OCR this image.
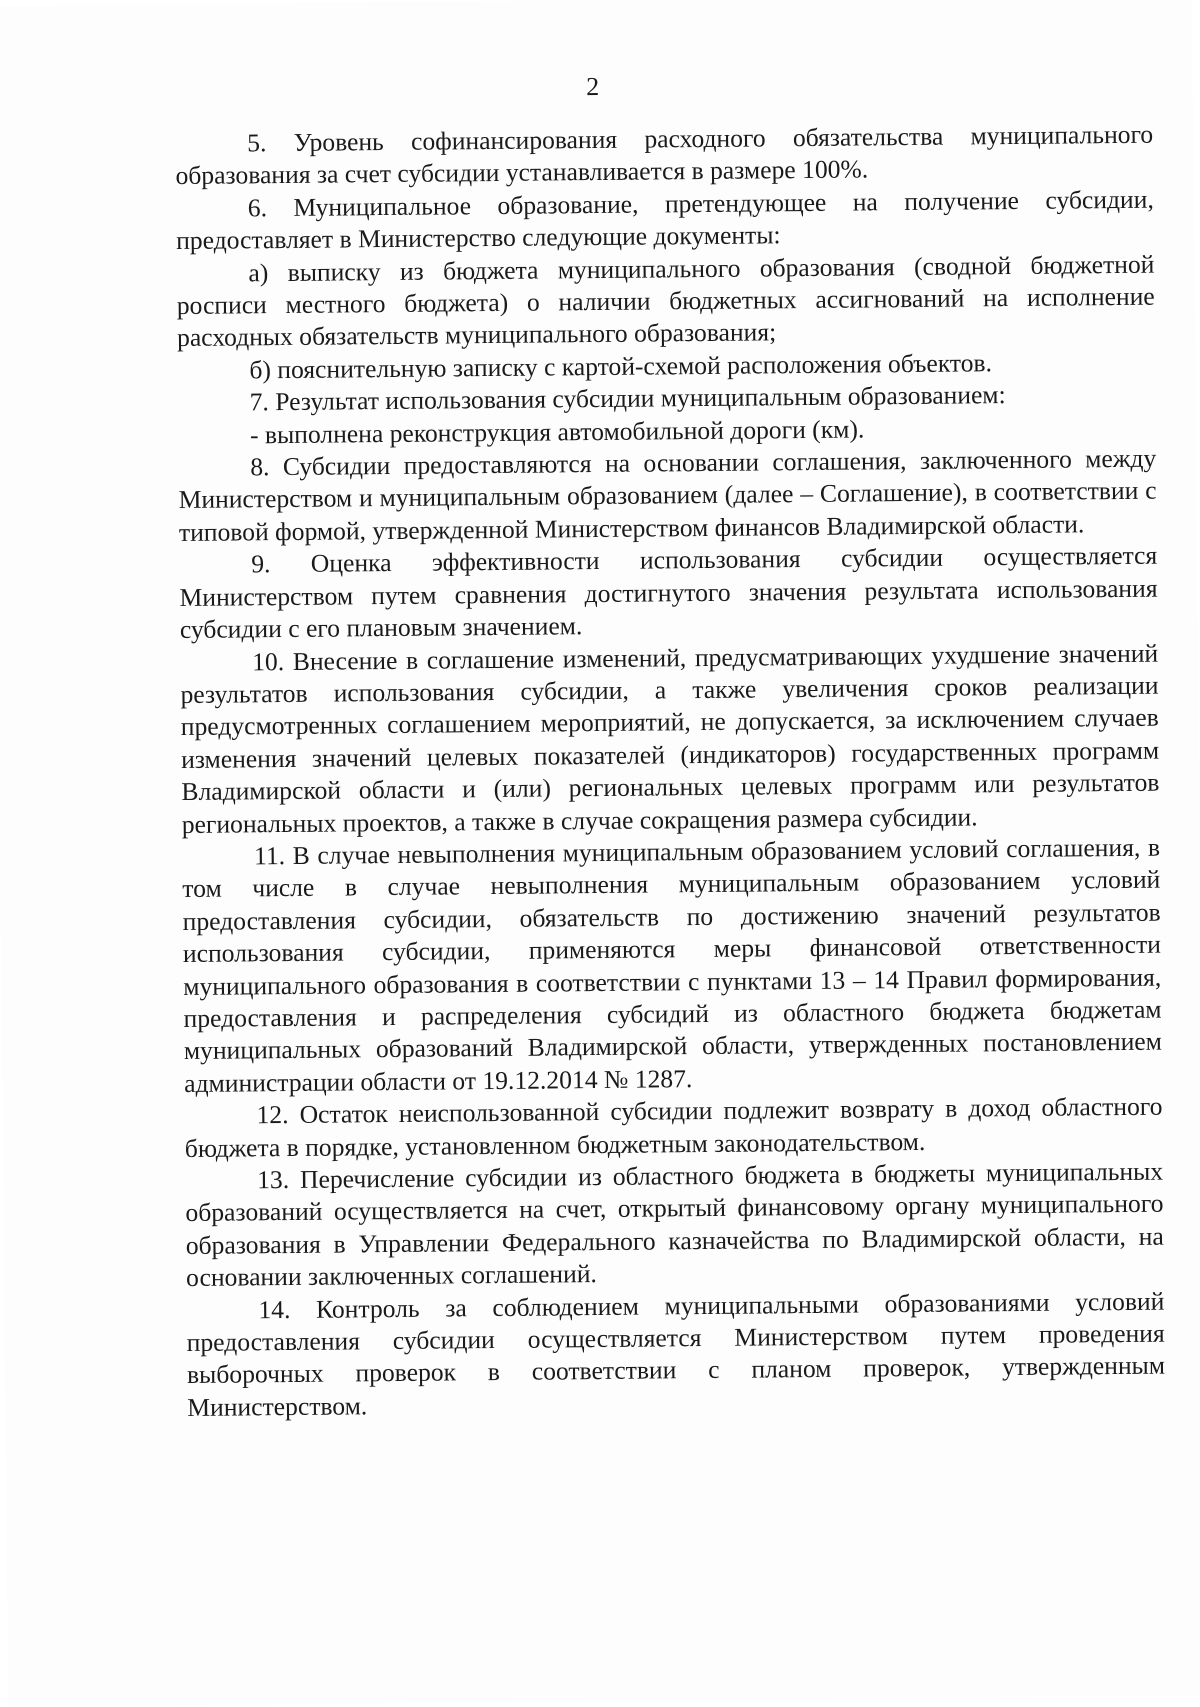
2

5. Уровень софинансирования расходного обязательства муниципального образования за счет субсидии устанавливается в размере 100%.

6. Муниципальное образование, претендующее на получение субсидии, предоставляет в Министерство следующие документы:

а) выписку из бюджета муниципального образования (сводной бюджетной росписи местного бюджета) о наличии бюджетных ассигнований на исполнение расходных обязательств муниципального образования;

б) пояснительную записку с картой-схемой расположения объектов.

7. Результат использования субсидии муниципальным образованием:

- выполнена реконструкция автомобильной дороги (км).

8. Субсидии предоставляются на основании соглашения, заключенного между Министерством и муниципальным образованием (далее – Соглашение), в соответствии с типовой формой, утвержденной Министерством финансов Владимирской области.

9. Оценка эффективности использования субсидии осуществляется Министерством путем сравнения достигнутого значения результата использования субсидии с его плановым значением.

10. Внесение в соглашение изменений, предусматривающих ухудшение значений результатов использования субсидии, а также увеличения сроков реализации предусмотренных соглашением мероприятий, не допускается, за исключением случаев изменения значений целевых показателей (индикаторов) государственных программ Владимирской области и (или) региональных целевых программ или результатов региональных проектов, а также в случае сокращения размера субсидии.

11. В случае невыполнения муниципальным образованием условий соглашения, в том числе в случае невыполнения муниципальным образованием условий предоставления субсидии, обязательств по достижению значений результатов использования субсидии, применяются меры финансовой ответственности муниципального образования в соответствии с пунктами 13 – 14 Правил формирования, предоставления и распределения субсидий из областного бюджета бюджетам муниципальных образований Владимирской области, утвержденных постановлением администрации области от 19.12.2014 № 1287.

12. Остаток неиспользованной субсидии подлежит возврату в доход областного бюджета в порядке, установленном бюджетным законодательством.

13. Перечисление субсидии из областного бюджета в бюджеты муниципальных образований осуществляется на счет, открытый финансовому органу муниципального образования в Управлении Федерального казначейства по Владимирской области, на основании заключенных соглашений.

14. Контроль за соблюдением муниципальными образованиями условий предоставления субсидии осуществляется Министерством путем проведения выборочных проверок в соответствии с планом проверок, утвержденным Министерством.
